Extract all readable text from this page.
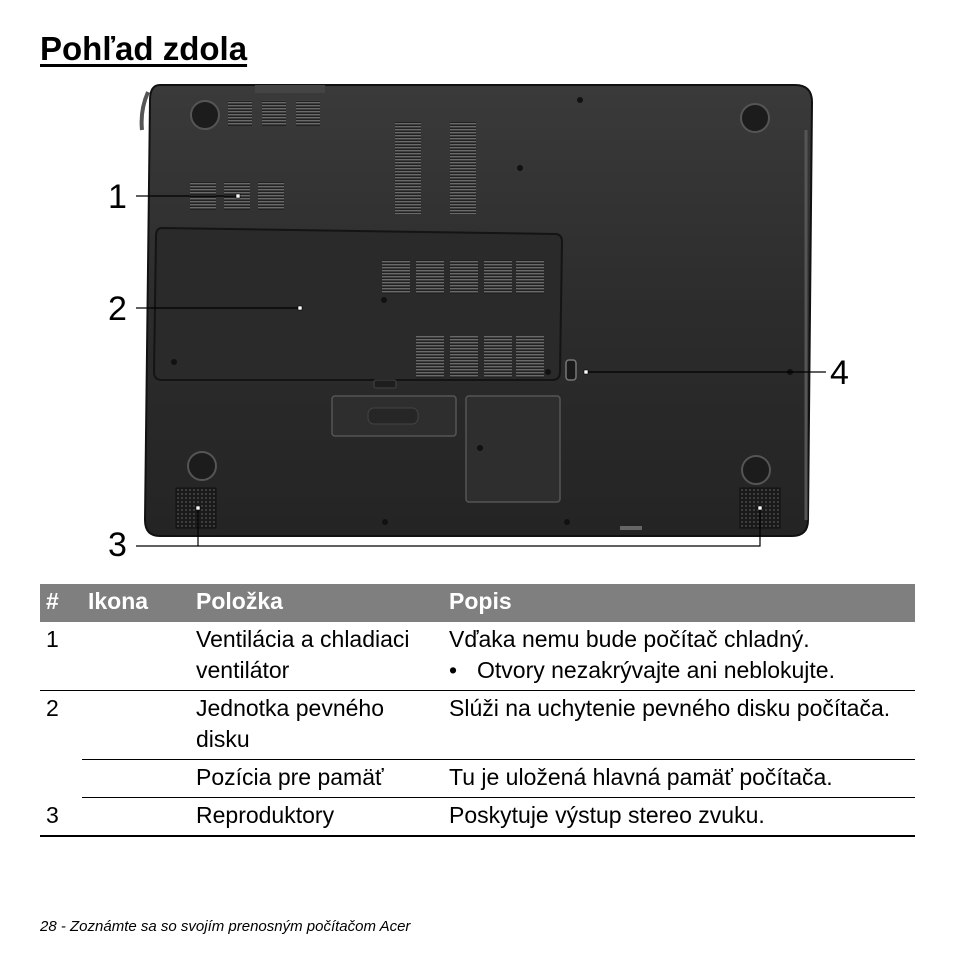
Pohľad zdola
1
2
3
4
#	Ikona	Položka	Popis
1		Ventilácia a chladiaci ventilátor	Vďaka nemu bude počítač chladný.
• Otvory nezakrývajte ani neblokujte.

2		Jednotka pevného disku	Slúži na uchytenie pevného disku počítača.
		Pozícia pre pamäť	Tu je uložená hlavná pamäť počítača.
3		Reproduktory	Poskytuje výstup stereo zvuku.
28 - Zoznámte sa so svojím prenosným počítačom Acer
